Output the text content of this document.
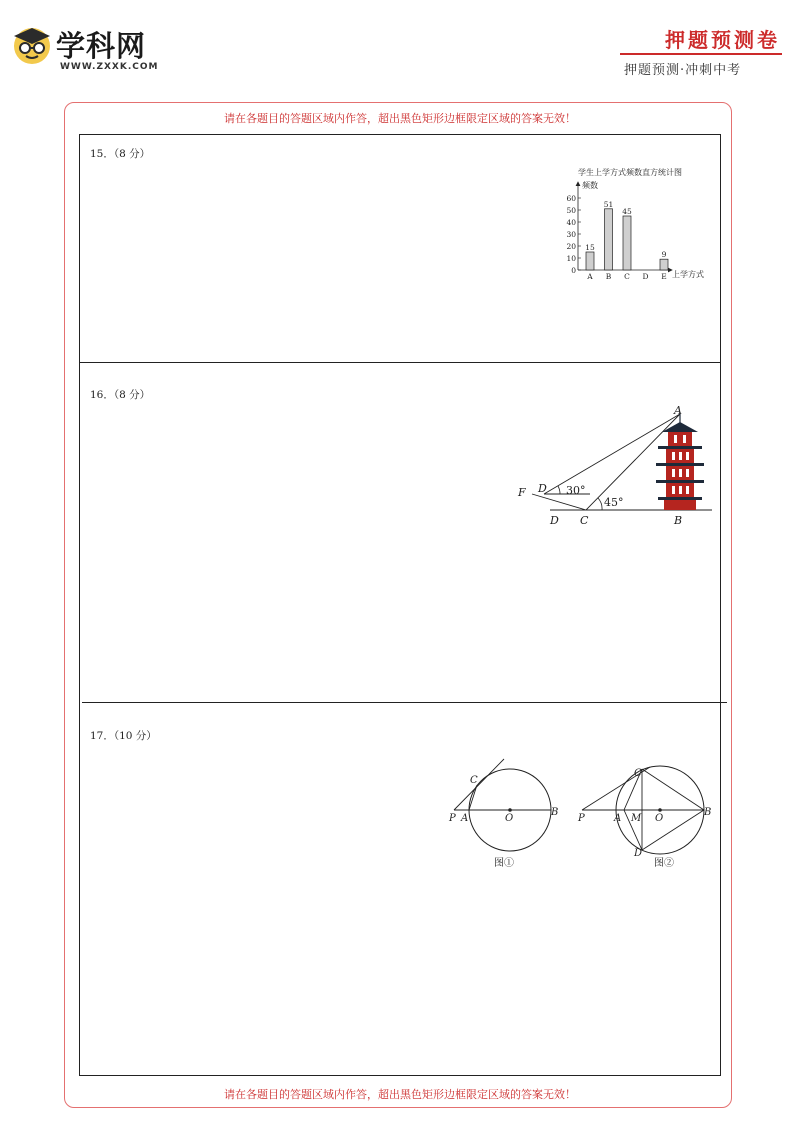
学科网
WWW.ZXXK.COM
押题预测卷
押题预测·冲刺中考
请在各题目的答题区域内作答，超出黑色矩形边框限定区域的答案无效！
请在各题目的答题区域内作答，超出黑色矩形边框限定区域的答案无效！
15．（8 分）
16．（8 分）
17．（10 分）
学生上学方式频数直方统计图
频数
上学方式
0
10
20
30
40
50
60
15
A
51
B
45
C D
9
E
A
F D
D C	B
30°
45°
C
P A	O
B
图①
C
P	A M O
B
D
图②
